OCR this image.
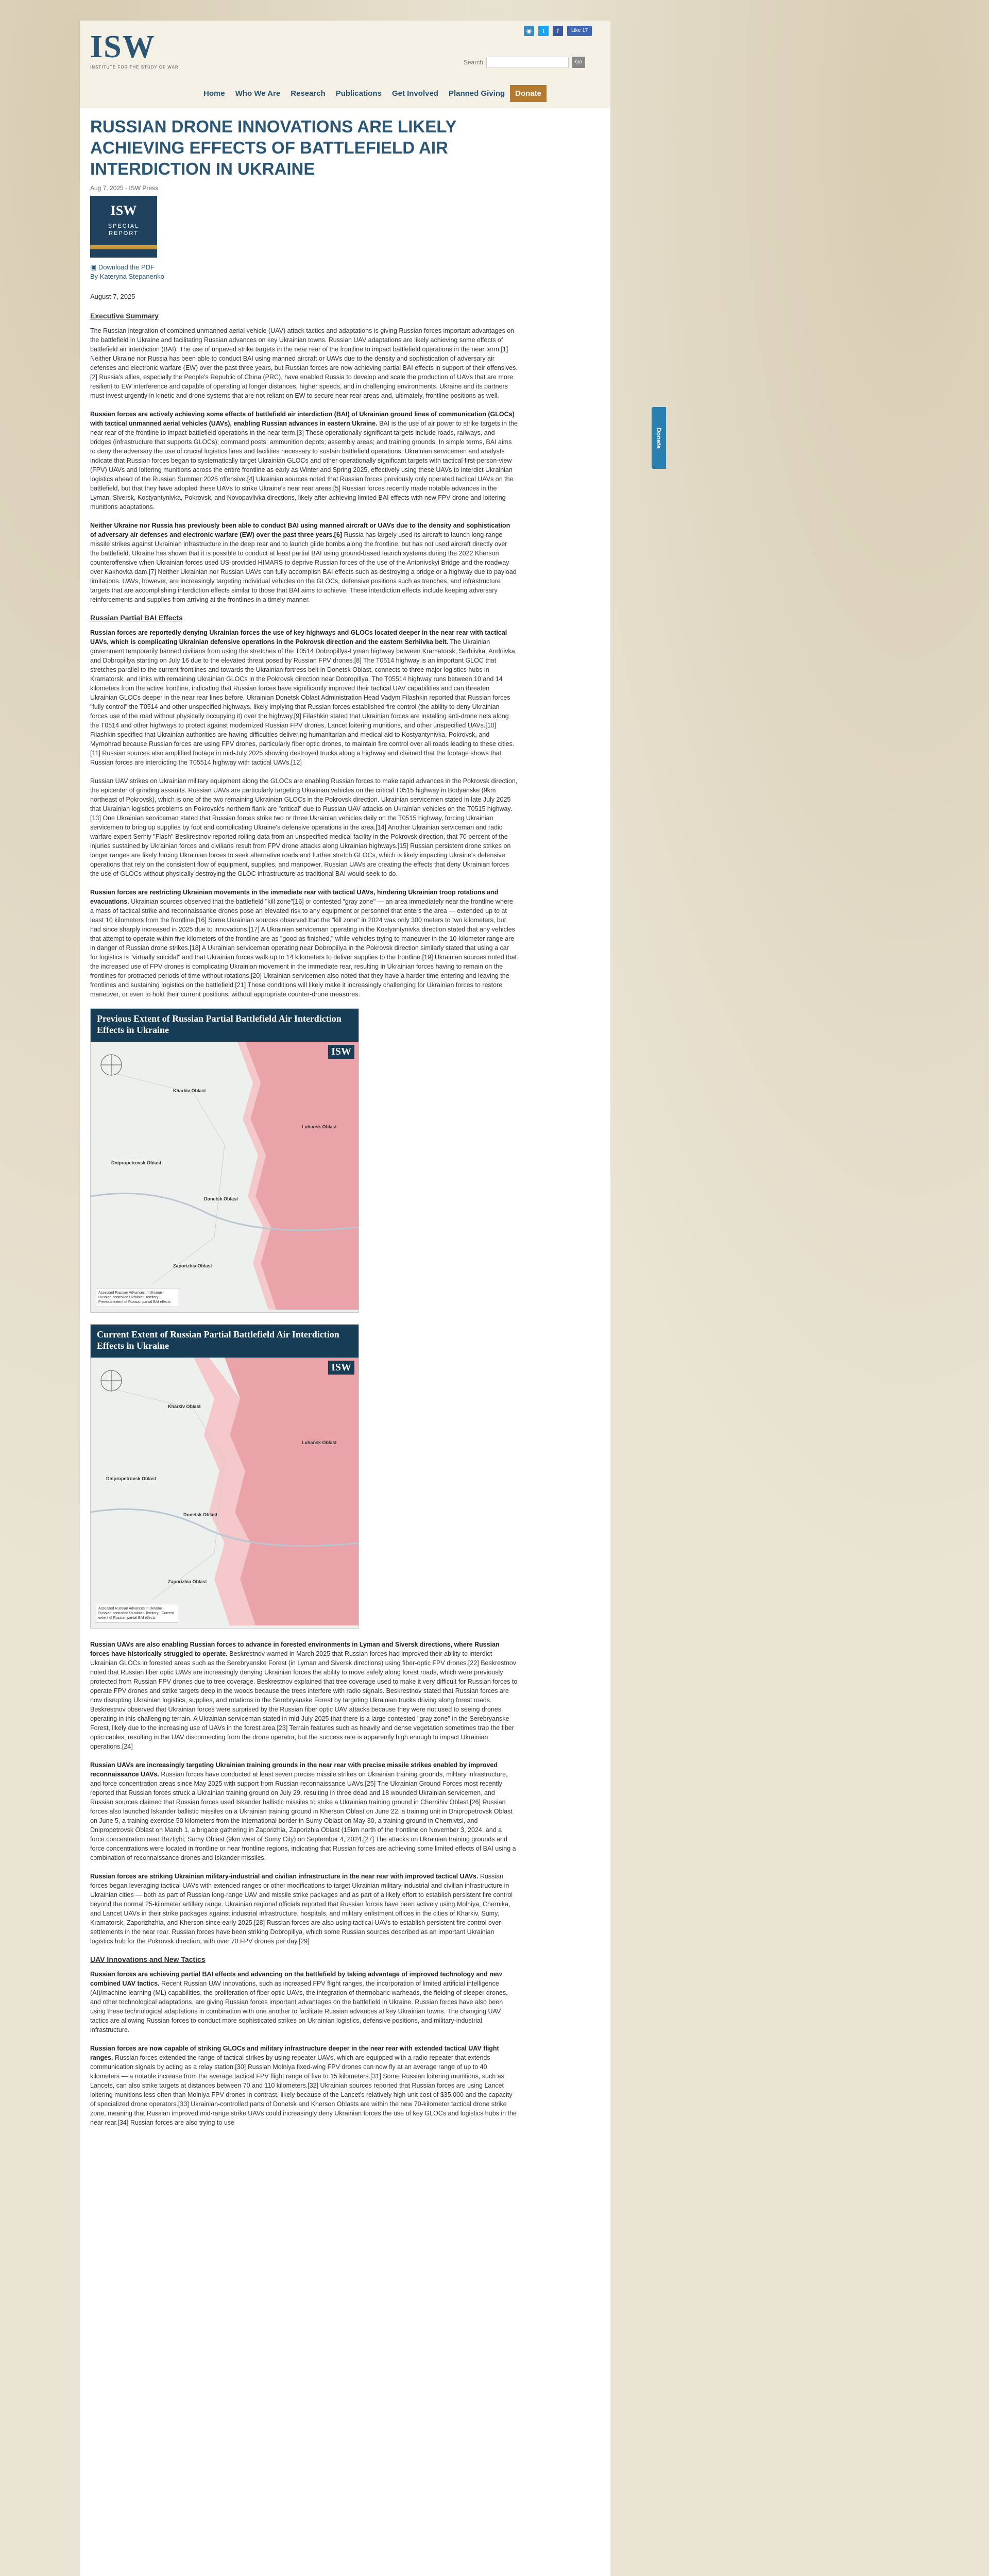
Donate
ISW
INSTITUTE FOR THE STUDY OF WAR
◉	t	f	Like 17
Search	Go
Home	Who We Are	Research	Publications	Get Involved	Planned Giving	Donate
RUSSIAN DRONE INNOVATIONS ARE LIKELY ACHIEVING EFFECTS OF BATTLEFIELD AIR INTERDICTION IN UKRAINE
Aug 7, 2025 - ISW Press
ISW
SPECIAL
REPORT
▣ Download the PDF
By Kateryna Stepanenko
August 7, 2025
Executive Summary

The Russian integration of combined unmanned aerial vehicle (UAV) attack tactics and adaptations is giving Russian forces important advantages on the battlefield in Ukraine and facilitating Russian advances on key Ukrainian towns. Russian UAV adaptations are likely achieving some effects of battlefield air interdiction (BAI). The use of unpaved strike targets in the near rear of the frontline to impact battlefield operations in the near term.[1] Neither Ukraine nor Russia has been able to conduct BAI using manned aircraft or UAVs due to the density and sophistication of adversary air defenses and electronic warfare (EW) over the past three years, but Russian forces are now achieving partial BAI effects in support of their offensives.[2] Russia's allies, especially the People's Republic of China (PRC), have enabled Russia to develop and scale the production of UAVs that are more resilient to EW interference and capable of operating at longer distances, higher speeds, and in challenging environments. Ukraine and its partners must invest urgently in kinetic and drone systems that are not reliant on EW to secure near rear areas and, ultimately, frontline positions as well.

Russian forces are actively achieving some effects of battlefield air interdiction (BAI) of Ukrainian ground lines of communication (GLOCs) with tactical unmanned aerial vehicles (UAVs), enabling Russian advances in eastern Ukraine. BAI is the use of air power to strike targets in the near rear of the frontline to impact battlefield operations in the near term.[3] These operationally significant targets include roads, railways, and bridges (infrastructure that supports GLOCs); command posts; ammunition depots; assembly areas; and training grounds. In simple terms, BAI aims to deny the adversary the use of crucial logistics lines and facilities necessary to sustain battlefield operations. Ukrainian servicemen and analysts indicate that Russian forces began to systematically target Ukrainian GLOCs and other operationally significant targets with tactical first-person-view (FPV) UAVs and loitering munitions across the entire frontline as early as Winter and Spring 2025, effectively using these UAVs to interdict Ukrainian logistics ahead of the Russian Summer 2025 offensive.[4] Ukrainian sources noted that Russian forces previously only operated tactical UAVs on the battlefield, but that they have adopted these UAVs to strike Ukraine's near rear areas.[5] Russian forces recently made notable advances in the Lyman, Siversk, Kostyantynivka, Pokrovsk, and Novopavlivka directions, likely after achieving limited BAI effects with new FPV drone and loitering munitions adaptations.

Neither Ukraine nor Russia has previously been able to conduct BAI using manned aircraft or UAVs due to the density and sophistication of adversary air defenses and electronic warfare (EW) over the past three years.[6] Russia has largely used its aircraft to launch long-range missile strikes against Ukrainian infrastructure in the deep rear and to launch glide bombs along the frontline, but has not used aircraft directly over the battlefield. Ukraine has shown that it is possible to conduct at least partial BAI using ground-based launch systems during the 2022 Kherson counteroffensive when Ukrainian forces used US-provided HIMARS to deprive Russian forces of the use of the Antonivskyi Bridge and the roadway over Kakhovka dam.[7] Neither Ukrainian nor Russian UAVs can fully accomplish BAI effects such as destroying a bridge or a highway due to payload limitations. UAVs, however, are increasingly targeting individual vehicles on the GLOCs, defensive positions such as trenches, and infrastructure targets that are accomplishing interdiction effects similar to those that BAI aims to achieve. These interdiction effects include keeping adversary reinforcements and supplies from arriving at the frontlines in a timely manner.

Russian Partial BAI Effects

Russian forces are reportedly denying Ukrainian forces the use of key highways and GLOCs located deeper in the near rear with tactical UAVs, which is complicating Ukrainian defensive operations in the Pokrovsk direction and the eastern Serhiivka belt. The Ukrainian government temporarily banned civilians from using the stretches of the T0514 Dobropillya-Lyman highway between Kramatorsk, Serhiivka, Andriivka, and Dobropillya starting on July 16 due to the elevated threat posed by Russian FPV drones.[8] The T0514 highway is an important GLOC that stretches parallel to the current frontlines and towards the Ukrainian fortress belt in Donetsk Oblast, connects to three major logistics hubs in Kramatorsk, and links with remaining Ukrainian GLOCs in the Pokrovsk direction near Dobropillya. The T05514 highway runs between 10 and 14 kilometers from the active frontline, indicating that Russian forces have significantly improved their tactical UAV capabilities and can threaten Ukrainian GLOCs deeper in the near rear lines before. Ukrainian Donetsk Oblast Administration Head Vadym Filashkin reported that Russian forces "fully control" the T0514 and other unspecified highways, likely implying that Russian forces established fire control (the ability to deny Ukrainian forces use of the road without physically occupying it) over the highway.[9] Filashkin stated that Ukrainian forces are installing anti-drone nets along the T0514 and other highways to protect against modernized Russian FPV drones, Lancet loitering munitions, and other unspecified UAVs.[10] Filashkin specified that Ukrainian authorities are having difficulties delivering humanitarian and medical aid to Kostyantynivka, Pokrovsk, and Myrnohrad because Russian forces are using FPV drones, particularly fiber optic drones, to maintain fire control over all roads leading to these cities.[11] Russian sources also amplified footage in mid-July 2025 showing destroyed trucks along a highway and claimed that the footage shows that Russian forces are interdicting the T05514 highway with tactical UAVs.[12]

Russian UAV strikes on Ukrainian military equipment along the GLOCs are enabling Russian forces to make rapid advances in the Pokrovsk direction, the epicenter of grinding assaults. Russian UAVs are particularly targeting Ukrainian vehicles on the critical T0515 highway in Bodyanske (9km northeast of Pokrovsk), which is one of the two remaining Ukrainian GLOCs in the Pokrovsk direction. Ukrainian servicemen stated in late July 2025 that Ukrainian logistics problems on Pokrovsk's northern flank are "critical" due to Russian UAV attacks on Ukrainian vehicles on the T0515 highway.[13] One Ukrainian serviceman stated that Russian forces strike two or three Ukrainian vehicles daily on the T0515 highway, forcing Ukrainian servicemen to bring up supplies by foot and complicating Ukraine's defensive operations in the area.[14] Another Ukrainian serviceman and radio warfare expert Serhiy "Flash" Beskrestnov reported rolling data from an unspecified medical facility in the Pokrovsk direction, that 70 percent of the injuries sustained by Ukrainian forces and civilians result from FPV drone attacks along Ukrainian highways.[15] Russian persistent drone strikes on longer ranges are likely forcing Ukrainian forces to seek alternative roads and further stretch GLOCs, which is likely impacting Ukraine's defensive operations that rely on the consistent flow of equipment, supplies, and manpower. Russian UAVs are creating the effects that deny Ukrainian forces the use of GLOCs without physically destroying the GLOC infrastructure as traditional BAI would seek to do.

Russian forces are restricting Ukrainian movements in the immediate rear with tactical UAVs, hindering Ukrainian troop rotations and evacuations. Ukrainian sources observed that the battlefield "kill zone"[16] or contested "gray zone" — an area immediately near the frontline where a mass of tactical strike and reconnaissance drones pose an elevated risk to any equipment or personnel that enters the area — extended up to at least 10 kilometers from the frontline.[16] Some Ukrainian sources observed that the "kill zone" in 2024 was only 300 meters to two kilometers, but had since sharply increased in 2025 due to innovations.[17] A Ukrainian serviceman operating in the Kostyantynivka direction stated that any vehicles that attempt to operate within five kilometers of the frontline are as "good as finished," while vehicles trying to maneuver in the 10-kilometer range are in danger of Russian drone strikes.[18] A Ukrainian serviceman operating near Dobropillya in the Pokrovsk direction similarly stated that using a car for logistics is "virtually suicidal" and that Ukrainian forces walk up to 14 kilometers to deliver supplies to the frontline.[19] Ukrainian sources noted that the increased use of FPV drones is complicating Ukrainian movement in the immediate rear, resulting in Ukrainian forces having to remain on the frontlines for protracted periods of time without rotations.[20] Ukrainian servicemen also noted that they have a harder time entering and leaving the frontlines and sustaining logistics on the battlefield.[21] These conditions will likely make it increasingly challenging for Ukrainian forces to restore maneuver, or even to hold their current positions, without appropriate counter-drone measures.

Previous Extent of Russian Partial Battlefield Air Interdiction Effects in Ukraine
ISW
Kharkiv Oblast
Luhansk Oblast
Dnipropetrovsk Oblast
Donetsk Oblast
Zaporizhia Oblast
Assessed Russian Advances in Ukraine · Russian-controlled Ukrainian Territory · Previous extent of Russian partial BAI effects
Current Extent of Russian Partial Battlefield Air Interdiction Effects in Ukraine
ISW
Kharkiv Oblast
Luhansk Oblast
Dnipropetrovsk Oblast
Donetsk Oblast
Zaporizhia Oblast
Assessed Russian Advances in Ukraine · Russian-controlled Ukrainian Territory · Current extent of Russian partial BAI effects

Russian UAVs are also enabling Russian forces to advance in forested environments in Lyman and Siversk directions, where Russian forces have historically struggled to operate. Beskrestnov warned in March 2025 that Russian forces had improved their ability to interdict Ukrainian GLOCs in forested areas such as the Serebryanske Forest (in Lyman and Siversk directions) using fiber-optic FPV drones.[22] Beskrestnov noted that Russian fiber optic UAVs are increasingly denying Ukrainian forces the ability to move safely along forest roads, which were previously protected from Russian FPV drones due to tree coverage. Beskrestnov explained that tree coverage used to make it very difficult for Russian forces to operate FPV drones and strike targets deep in the woods because the trees interfere with radio signals. Beskrestnov stated that Russian forces are now disrupting Ukrainian logistics, supplies, and rotations in the Serebryanske Forest by targeting Ukrainian trucks driving along forest roads. Beskrestnov observed that Ukrainian forces were surprised by the Russian fiber optic UAV attacks because they were not used to seeing drones operating in this challenging terrain. A Ukrainian serviceman stated in mid-July 2025 that there is a large contested "gray zone" in the Serebryanske Forest, likely due to the increasing use of UAVs in the forest area.[23] Terrain features such as heavily and dense vegetation sometimes trap the fiber optic cables, resulting in the UAV disconnecting from the drone operator, but the success rate is apparently high enough to impact Ukrainian operations.[24]

Russian UAVs are increasingly targeting Ukrainian training grounds in the near rear with precise missile strikes enabled by improved reconnaissance UAVs. Russian forces have conducted at least seven precise missile strikes on Ukrainian training grounds, military infrastructure, and force concentration areas since May 2025 with support from Russian reconnaissance UAVs.[25] The Ukrainian Ground Forces most recently reported that Russian forces struck a Ukrainian training ground on July 29, resulting in three dead and 18 wounded Ukrainian servicemen, and Russian sources claimed that Russian forces used Iskander ballistic missiles to strike a Ukrainian training ground in Chernihiv Oblast.[26] Russian forces also launched Iskander ballistic missiles on a Ukrainian training ground in Kherson Oblast on June 22, a training unit in Dnipropetrovsk Oblast on June 5, a training exercise 50 kilometers from the international border in Sumy Oblast on May 30, a training ground in Chernivtsi, and Dnipropetrovsk Oblast on March 1, a brigade gathering in Zaporizhia, Zaporizhia Oblast (15km north of the frontline on November 3, 2024, and a force concentration near Beztiyhi, Sumy Oblast (9km west of Sumy City) on September 4, 2024.[27] The attacks on Ukrainian training grounds and force concentrations were located in frontline or near frontline regions, indicating that Russian forces are achieving some limited effects of BAI using a combination of reconnaissance drones and Iskander missiles.

Russian forces are striking Ukrainian military-industrial and civilian infrastructure in the near rear with improved tactical UAVs. Russian forces began leveraging tactical UAVs with extended ranges or other modifications to target Ukrainian military-industrial and civilian infrastructure in Ukrainian cities — both as part of Russian long-range UAV and missile strike packages and as part of a likely effort to establish persistent fire control beyond the normal 25-kilometer artillery range. Ukrainian regional officials reported that Russian forces have been actively using Molniya, Chernika, and Lancet UAVs in their strike packages against industrial infrastructure, hospitals, and military enlistment offices in the cities of Kharkiv, Sumy, Kramatorsk, Zaporizhzhia, and Kherson since early 2025.[28] Russian forces are also using tactical UAVs to establish persistent fire control over settlements in the near rear. Russian forces have been striking Dobropillya, which some Russian sources described as an important Ukrainian logistics hub for the Pokrovsk direction, with over 70 FPV drones per day.[29]

UAV Innovations and New Tactics

Russian forces are achieving partial BAI effects and advancing on the battlefield by taking advantage of improved technology and new combined UAV tactics. Recent Russian UAV innovations, such as increased FPV flight ranges, the incorporation of limited artificial intelligence (AI)/machine learning (ML) capabilities, the proliferation of fiber optic UAVs, the integration of thermobaric warheads, the fielding of sleeper drones, and other technological adaptations, are giving Russian forces important advantages on the battlefield in Ukraine. Russian forces have also been using these technological adaptations in combination with one another to facilitate Russian advances at key Ukrainian towns. The changing UAV tactics are allowing Russian forces to conduct more sophisticated strikes on Ukrainian logistics, defensive positions, and military-industrial infrastructure.

Russian forces are now capable of striking GLOCs and military infrastructure deeper in the near rear with extended tactical UAV flight ranges. Russian forces extended the range of tactical strikes by using repeater UAVs, which are equipped with a radio repeater that extends communication signals by acting as a relay station.[30] Russian Molniya fixed-wing FPV drones can now fly at an average range of up to 40 kilometers — a notable increase from the average tactical FPV flight range of five to 15 kilometers.[31] Some Russian loitering munitions, such as Lancets, can also strike targets at distances between 70 and 110 kilometers.[32] Ukrainian sources reported that Russian forces are using Lancet loitering munitions less often than Molniya FPV drones in contrast, likely because of the Lancet's relatively high unit cost of $35,000 and the capacity of specialized drone operators.[33] Ukrainian-controlled parts of Donetsk and Kherson Oblasts are within the new 70-kilometer tactical drone strike zone, meaning that Russian improved mid-range strike UAVs could increasingly deny Ukrainian forces the use of key GLOCs and logistics hubs in the near rear.[34] Russian forces are also trying to use
